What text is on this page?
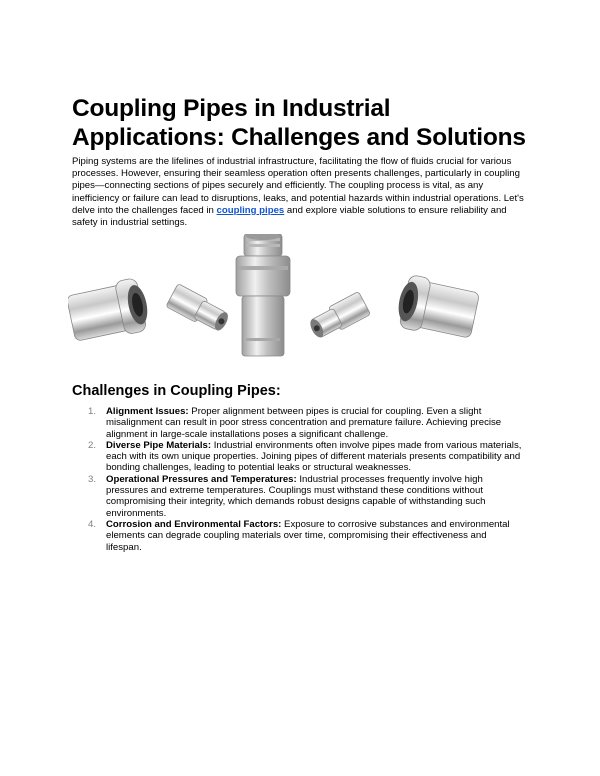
Coupling Pipes in Industrial Applications: Challenges and Solutions

Piping systems are the lifelines of industrial infrastructure, facilitating the flow of fluids crucial for various processes. However, ensuring their seamless operation often presents challenges, particularly in coupling pipes—connecting sections of pipes securely and efficiently. The coupling process is vital, as any inefficiency or failure can lead to disruptions, leaks, and potential hazards within industrial operations. Let's delve into the challenges faced in coupling pipes and explore viable solutions to ensure reliability and safety in industrial settings.

Challenges in Coupling Pipes:
1. Alignment Issues: Proper alignment between pipes is crucial for coupling. Even a slight misalignment can result in poor stress concentration and premature failure. Achieving precise alignment in large-scale installations poses a significant challenge.
2. Diverse Pipe Materials: Industrial environments often involve pipes made from various materials, each with its own unique properties. Joining pipes of different materials presents compatibility and bonding challenges, leading to potential leaks or structural weaknesses.
3. Operational Pressures and Temperatures: Industrial processes frequently involve high pressures and extreme temperatures. Couplings must withstand these conditions without compromising their integrity, which demands robust designs capable of withstanding such environments.
4. Corrosion and Environmental Factors: Exposure to corrosive substances and environmental elements can degrade coupling materials over time, compromising their effectiveness and lifespan.
